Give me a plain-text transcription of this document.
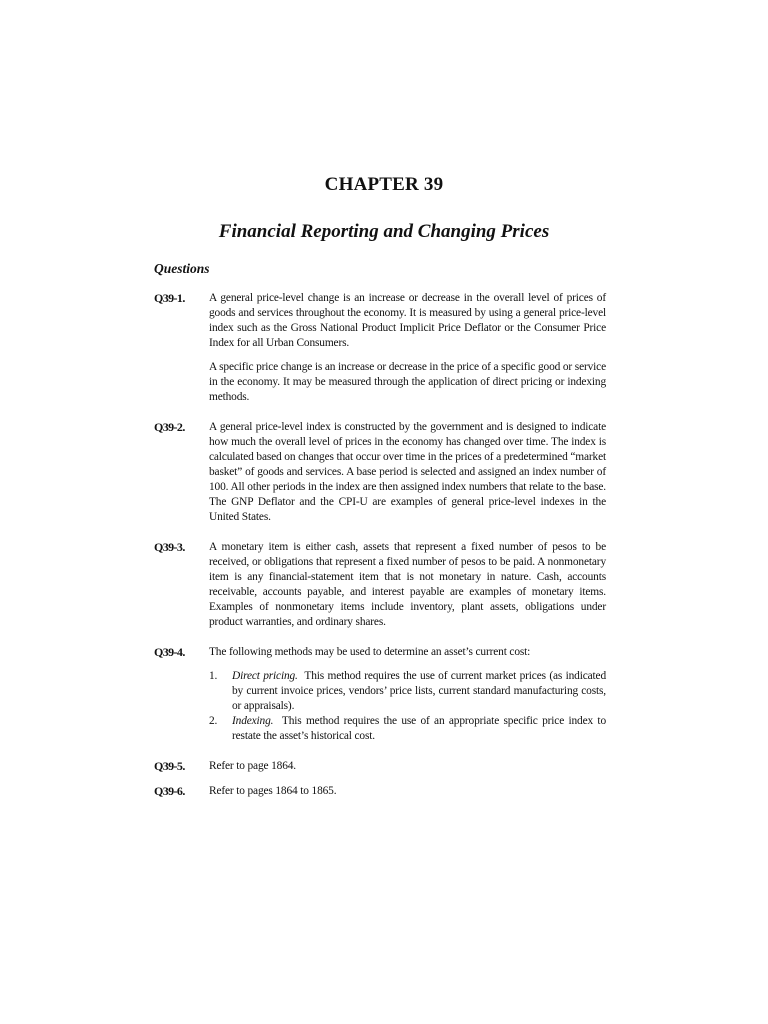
CHAPTER 39
Financial Reporting and Changing Prices
Questions
Q39-1. A general price-level change is an increase or decrease in the overall level of prices of goods and services throughout the economy. It is measured by using a general price-level index such as the Gross National Product Implicit Price Deflator or the Consumer Price Index for all Urban Consumers.

A specific price change is an increase or decrease in the price of a specific good or service in the economy. It may be measured through the application of direct pricing or indexing methods.

Q39-2. A general price-level index is constructed by the government and is designed to indicate how much the overall level of prices in the economy has changed over time. The index is calculated based on changes that occur over time in the prices of a predetermined “market basket” of goods and services. A base period is selected and assigned an index number of 100. All other periods in the index are then assigned index numbers that relate to the base. The GNP Deflator and the CPI-U are examples of general price-level indexes in the United States.

Q39-3. A monetary item is either cash, assets that represent a fixed number of pesos to be received, or obligations that represent a fixed number of pesos to be paid. A nonmonetary item is any financial-statement item that is not monetary in nature. Cash, accounts receivable, accounts payable, and interest payable are examples of monetary items. Examples of nonmonetary items include inventory, plant assets, obligations under product warranties, and ordinary shares.

Q39-4. The following methods may be used to determine an asset’s current cost:

1. Direct pricing.  This method requires the use of current market prices (as indicated by current invoice prices, vendors’ price lists, current standard manufacturing costs, or appraisals).
2. Indexing.  This method requires the use of an appropriate specific price index to restate the asset’s historical cost.
Q39-5. Refer to page 1864.

Q39-6. Refer to pages 1864 to 1865.
